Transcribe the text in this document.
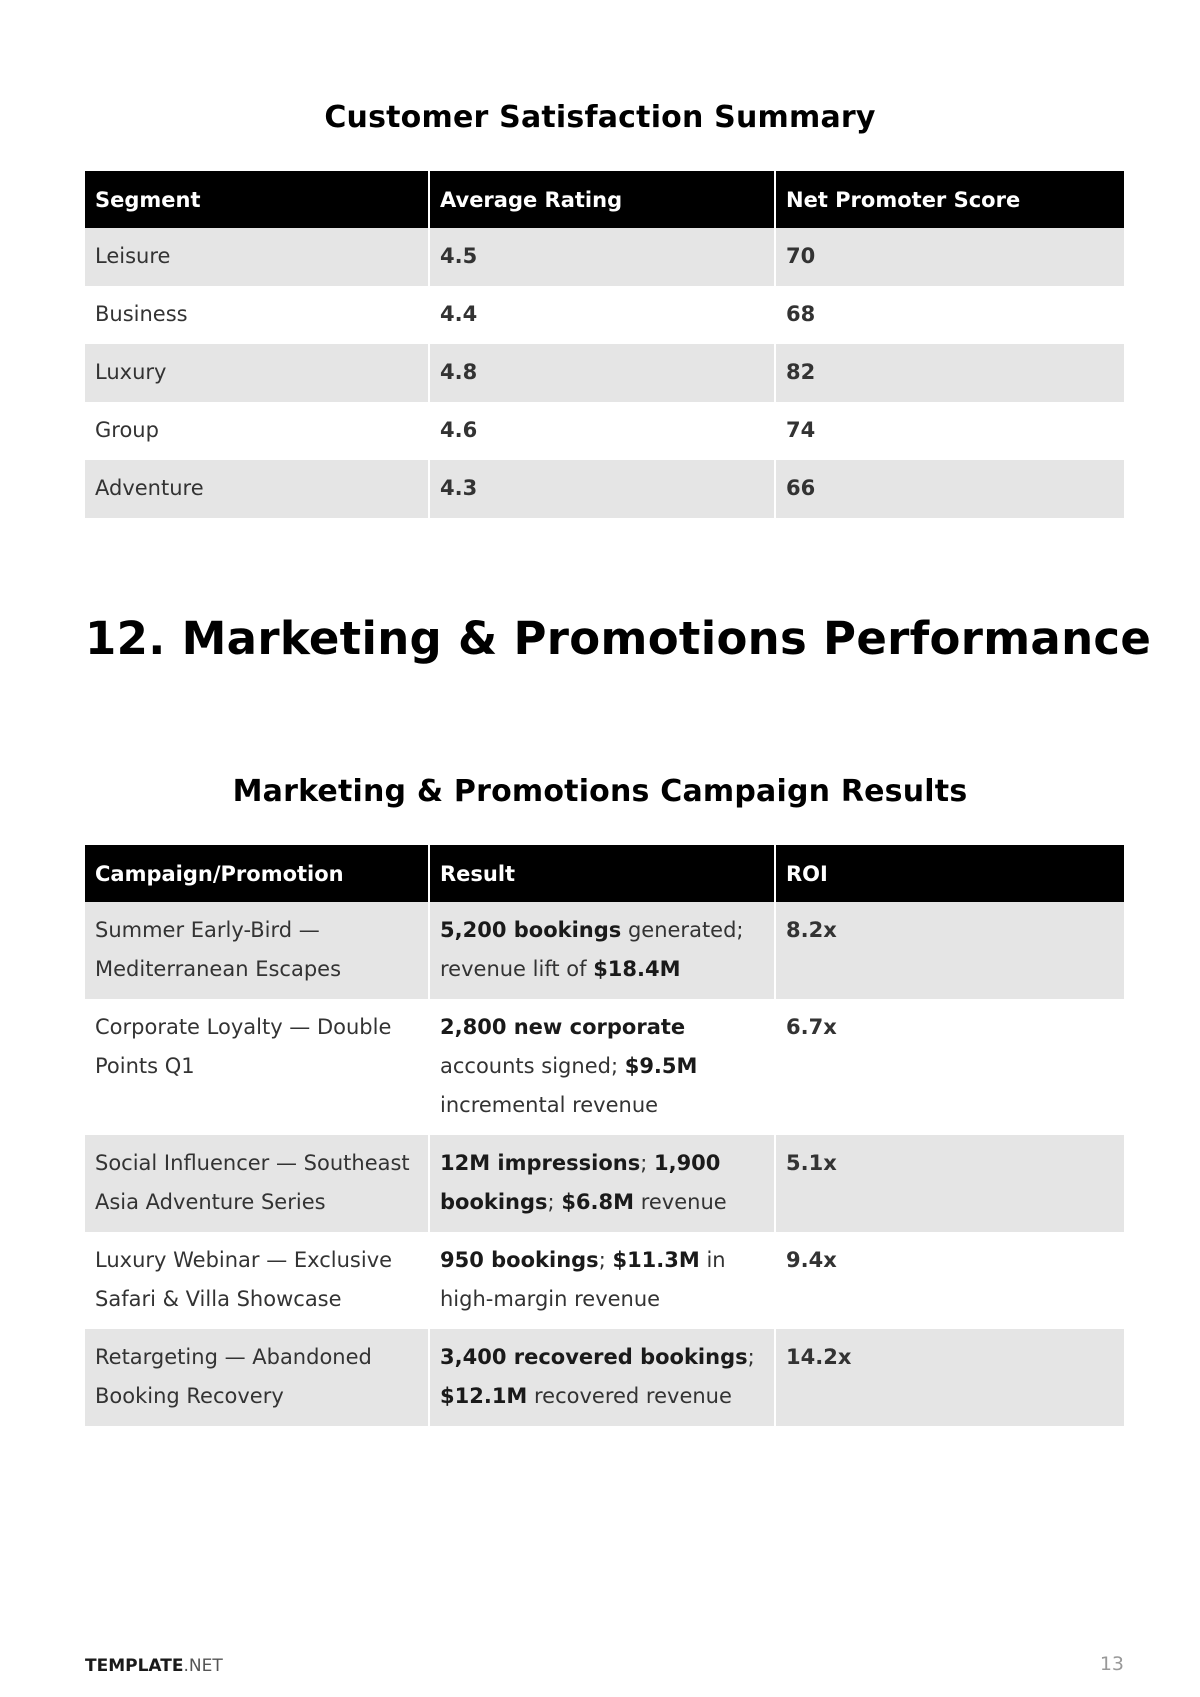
Customer Satisfaction Summary
Segment	Average Rating	Net Promoter Score
Leisure	4.5	70
Business	4.4	68
Luxury	4.8	82
Group	4.6	74
Adventure	4.3	66
12. Marketing & Promotions Performance
Marketing & Promotions Campaign Results
Campaign/Promotion	Result	ROI
Summer Early-Bird — Mediterranean Escapes	5,200 bookings generated; revenue lift of $18.4M	8.2x
Corporate Loyalty — Double Points Q1	2,800 new corporate accounts signed; $9.5M incremental revenue	6.7x
Social Influencer — Southeast Asia Adventure Series	12M impressions; 1,900 bookings; $6.8M revenue	5.1x
Luxury Webinar — Exclusive Safari & Villa Showcase	950 bookings; $11.3M in high-margin revenue	9.4x
Retargeting — Abandoned Booking Recovery	3,400 recovered bookings; $12.1M recovered revenue	14.2x
TEMPLATE.NET	13
